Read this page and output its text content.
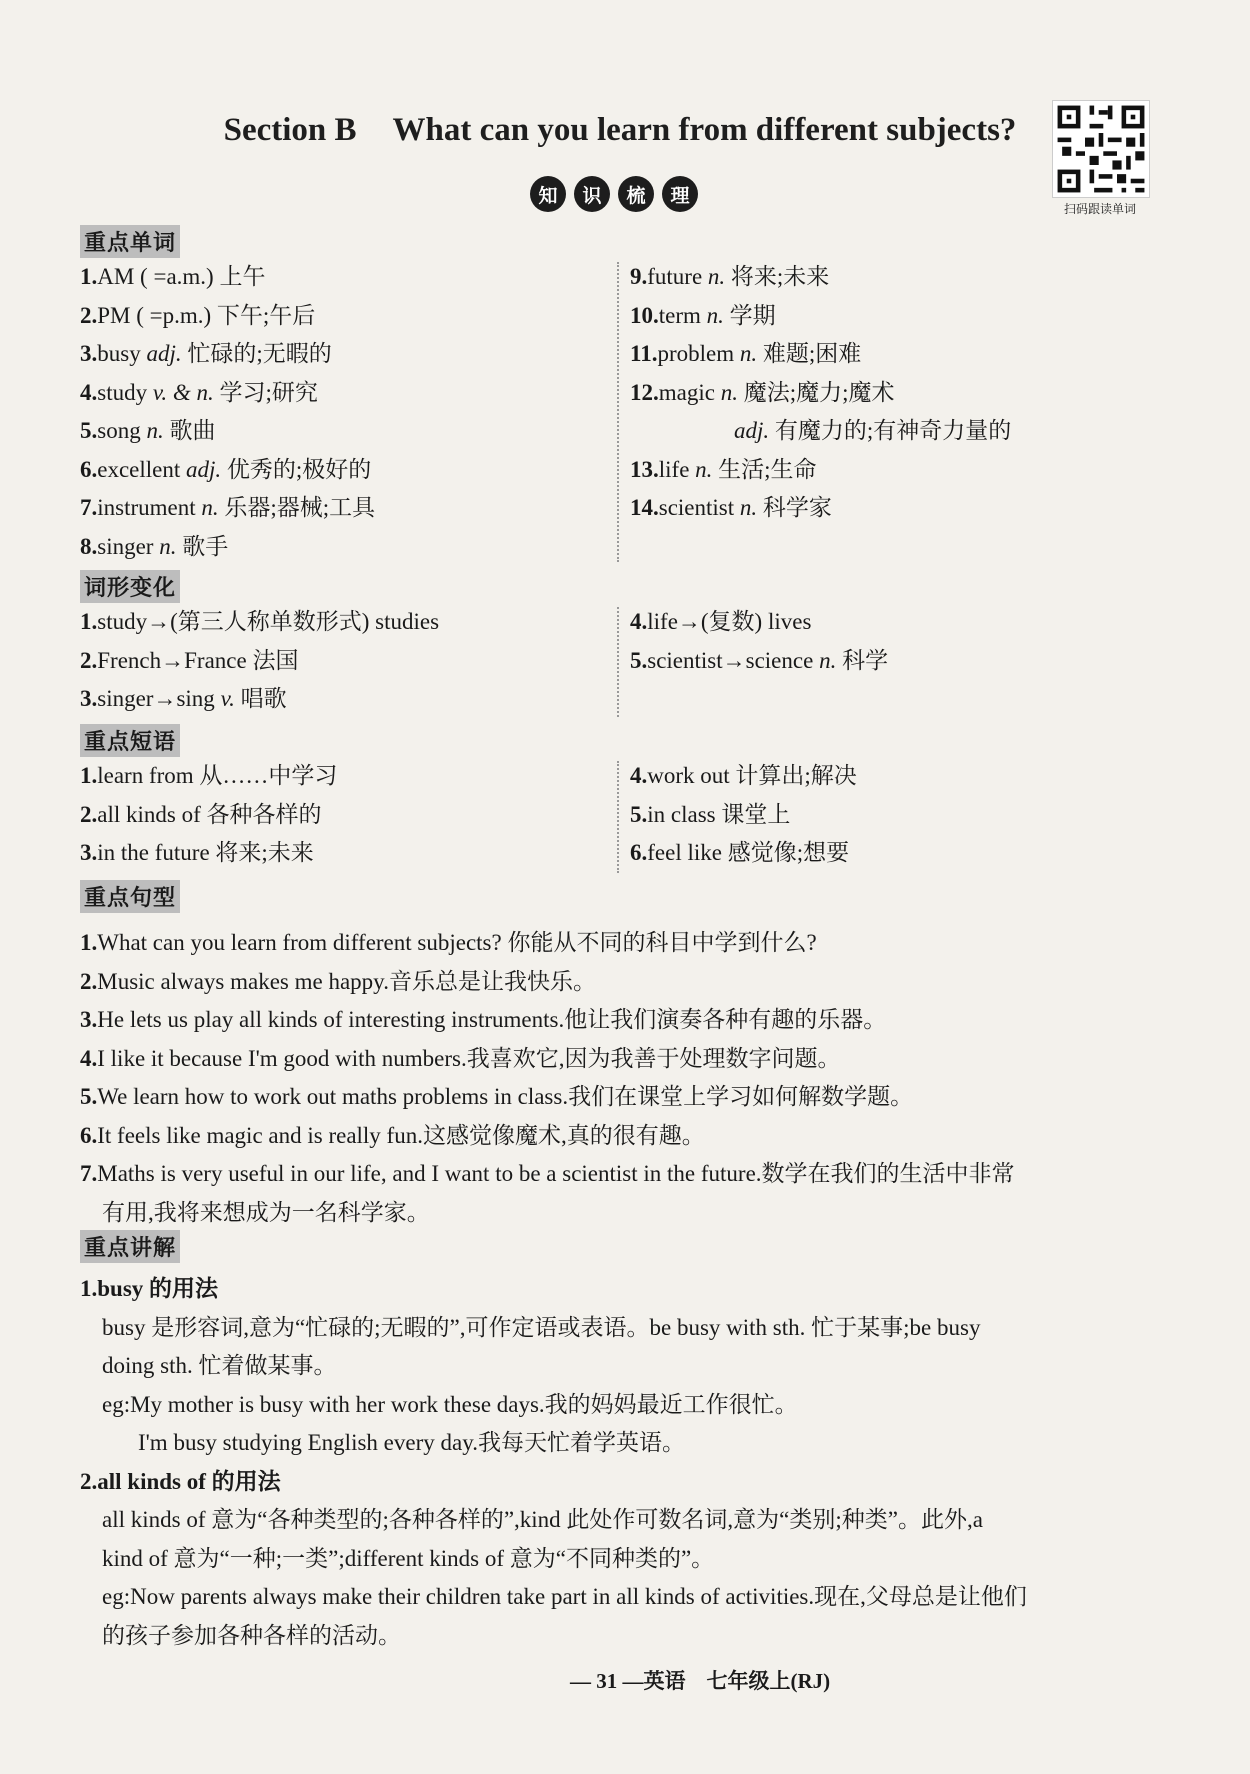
Section B What can you learn from different subjects?
扫码跟读单词
知	识	梳	理
重点单词
1.AM ( =a.m.) 上午
2.PM ( =p.m.) 下午;午后
3.busy adj. 忙碌的;无暇的
4.study v. & n. 学习;研究
5.song n. 歌曲
6.excellent adj. 优秀的;极好的
7.instrument n. 乐器;器械;工具
8.singer n. 歌手
9.future n. 将来;未来
10.term n. 学期
11.problem n. 难题;困难
12.magic n. 魔法;魔力;魔术
adj. 有魔力的;有神奇力量的
13.life n. 生活;生命
14.scientist n. 科学家
词形变化
1.study→(第三人称单数形式) studies
2.French→France 法国
3.singer→sing v. 唱歌
4.life→(复数) lives
5.scientist→science n. 科学
重点短语
1.learn from 从……中学习
2.all kinds of 各种各样的
3.in the future 将来;未来
4.work out 计算出;解决
5.in class 课堂上
6.feel like 感觉像;想要
重点句型
1.What can you learn from different subjects? 你能从不同的科目中学到什么?
2.Music always makes me happy.音乐总是让我快乐。
3.He lets us play all kinds of interesting instruments.他让我们演奏各种有趣的乐器。
4.I like it because I'm good with numbers.我喜欢它,因为我善于处理数字问题。
5.We learn how to work out maths problems in class.我们在课堂上学习如何解数学题。
6.It feels like magic and is really fun.这感觉像魔术,真的很有趣。
7.Maths is very useful in our life, and I want to be a scientist in the future.数学在我们的生活中非常
有用,我将来想成为一名科学家。
重点讲解
1.busy 的用法
busy 是形容词,意为“忙碌的;无暇的”,可作定语或表语。be busy with sth. 忙于某事;be busy
doing sth. 忙着做某事。
eg:My mother is busy with her work these days.我的妈妈最近工作很忙。
I'm busy studying English every day.我每天忙着学英语。
2.all kinds of 的用法
all kinds of 意为“各种类型的;各种各样的”,kind 此处作可数名词,意为“类别;种类”。此外,a
kind of 意为“一种;一类”;different kinds of 意为“不同种类的”。
eg:Now parents always make their children take part in all kinds of activities.现在,父母总是让他们
的孩子参加各种各样的活动。
— 31 —英语　七年级上(RJ)
